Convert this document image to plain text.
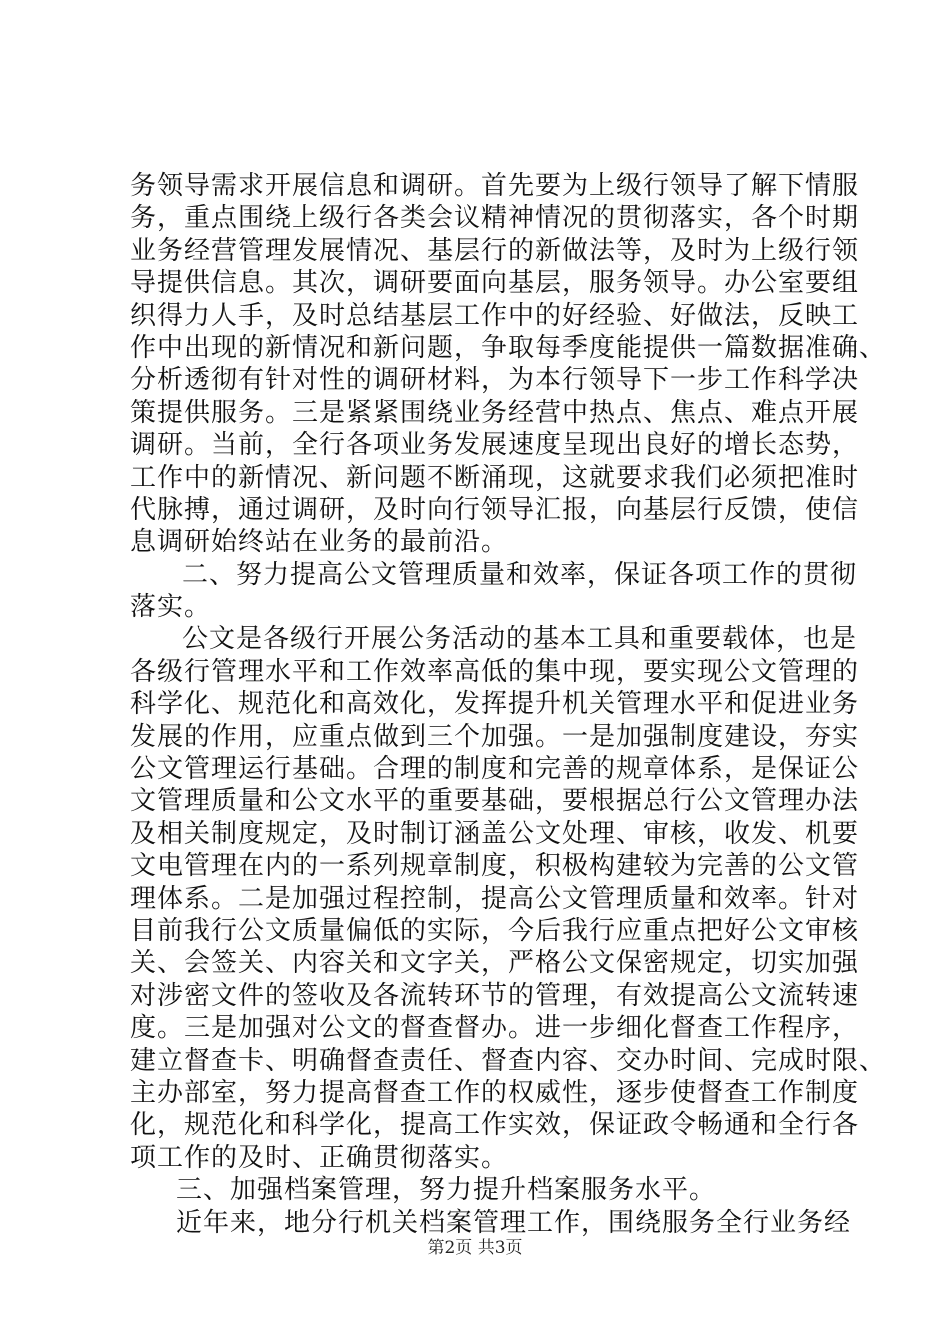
务领导需求开展信息和调研。首先要为上级行领导了解下情服
务，重点围绕上级行各类会议精神情况的贯彻落实，各个时期
业务经营管理发展情况、基层行的新做法等，及时为上级行领
导提供信息。其次，调研要面向基层，服务领导。办公室要组
织得力人手，及时总结基层工作中的好经验、好做法，反映工
作中出现的新情况和新问题，争取每季度能提供一篇数据准确、
分析透彻有针对性的调研材料，为本行领导下一步工作科学决
策提供服务。三是紧紧围绕业务经营中热点、焦点、难点开展
调研。当前，全行各项业务发展速度呈现出良好的增长态势，
工作中的新情况、新问题不断涌现，这就要求我们必须把准时
代脉搏，通过调研，及时向行领导汇报，向基层行反馈，使信
息调研始终站在业务的最前沿。
二、努力提高公文管理质量和效率，保证各项工作的贯彻
落实。
公文是各级行开展公务活动的基本工具和重要载体，也是
各级行管理水平和工作效率高低的集中现，要实现公文管理的
科学化、规范化和高效化，发挥提升机关管理水平和促进业务
发展的作用，应重点做到三个加强。一是加强制度建设，夯实
公文管理运行基础。合理的制度和完善的规章体系，是保证公
文管理质量和公文水平的重要基础，要根据总行公文管理办法
及相关制度规定，及时制订涵盖公文处理、审核，收发、机要
文电管理在内的一系列规章制度，积极构建较为完善的公文管
理体系。二是加强过程控制，提高公文管理质量和效率。针对
目前我行公文质量偏低的实际，今后我行应重点把好公文审核
关、会签关、内容关和文字关，严格公文保密规定，切实加强
对涉密文件的签收及各流转环节的管理，有效提高公文流转速
度。三是加强对公文的督查督办。进一步细化督查工作程序，
建立督查卡、明确督查责任、督查内容、交办时间、完成时限、
主办部室，努力提高督查工作的权威性，逐步使督查工作制度
化，规范化和科学化，提高工作实效，保证政令畅通和全行各
项工作的及时、正确贯彻落实。
三、加强档案管理，努力提升档案服务水平。
近年来，地分行机关档案管理工作，围绕服务全行业务经
第2页 共3页
